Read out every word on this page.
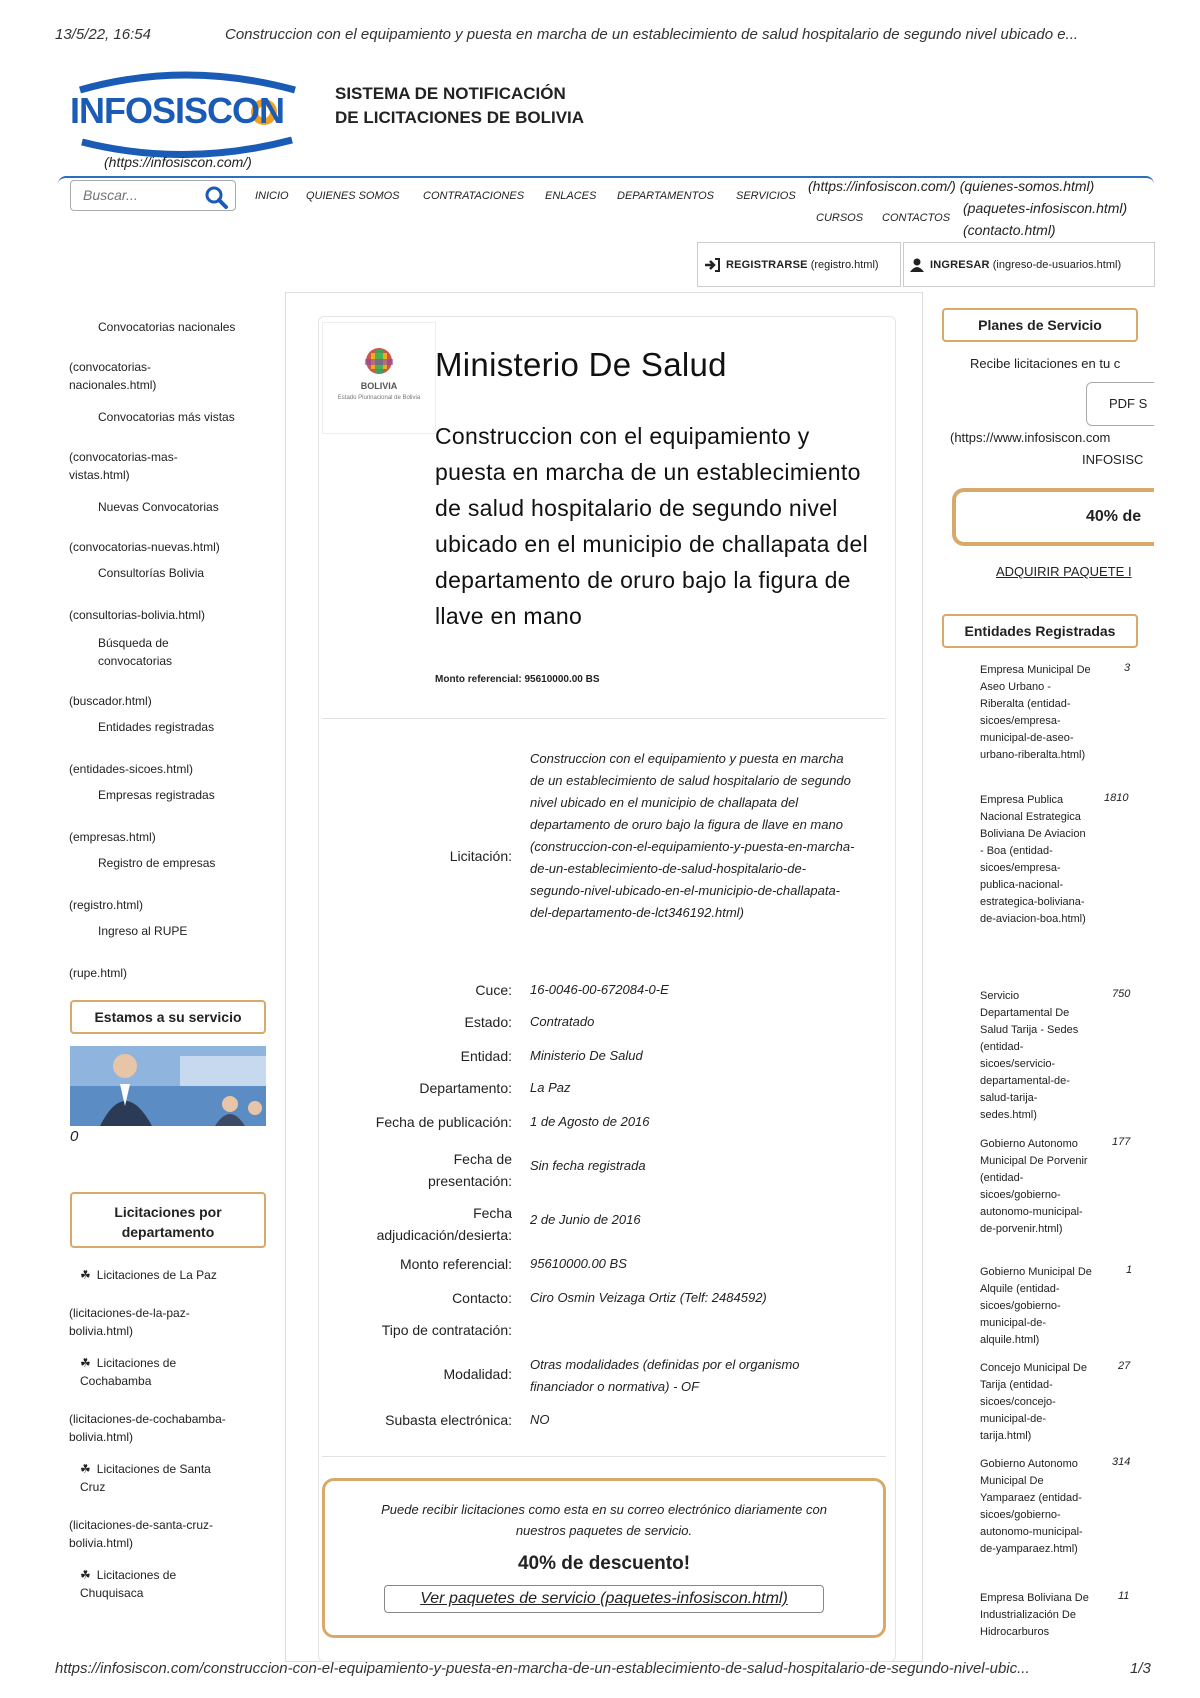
13/5/22, 16:54	Construccion con el equipamiento y puesta en marcha de un establecimiento de salud hospitalario de segundo nivel ubicado e...
INFOSISCON
(https://infosiscon.com/)
SISTEMA DE NOTIFICACIÓN
DE LICITACIONES DE BOLIVIA
Buscar...
INICIO QUIENES SOMOS CONTRATACIONES ENLACES DEPARTAMENTOS SERVICIOS
(https://infosiscon.com/) (quienes-somos.html)
CURSOS CONTACTOS
(paquetes-infosiscon.html)
(contacto.html)
REGISTRARSE
(registro.html)	INGRESAR
(ingreso-de-usuarios.html)
Convocatorias nacionales
(convocatorias-nacionales.html)
Convocatorias más vistas
(convocatorias-mas-vistas.html)
Nuevas Convocatorias
(convocatorias-nuevas.html)
Consultorías Bolivia
(consultorias-bolivia.html)
Búsqueda de convocatorias
(buscador.html)
Entidades registradas
(entidades-sicoes.html)
Empresas registradas
(empresas.html)
Registro de empresas
(registro.html)
Ingreso al RUPE
(rupe.html)
Estamos a su servicio
0
Licitaciones por departamento
☘ Licitaciones de La Paz
(licitaciones-de-la-paz-bolivia.html)
☘ Licitaciones de Cochabamba
(licitaciones-de-cochabamba-bolivia.html)
☘ Licitaciones de Santa Cruz
(licitaciones-de-santa-cruz-bolivia.html)
☘ Licitaciones de Chuquisaca
BOLIVIA
Estado Plurinacional de Bolivia
Ministerio De Salud
Construccion con el equipamiento y puesta en marcha de un establecimiento de salud hospitalario de segundo nivel ubicado en el municipio de challapata del departamento de oruro bajo la figura de llave en mano
Monto referencial: 95610000.00 BS
Licitación:
Construccion con el equipamiento y puesta en marcha de un establecimiento de salud hospitalario de segundo nivel ubicado en el municipio de challapata del departamento de oruro bajo la figura de llave en mano (construccion-con-el-equipamiento-y-puesta-en-marcha-de-un-establecimiento-de-salud-hospitalario-de-segundo-nivel-ubicado-en-el-municipio-de-challapata-del-departamento-de-lct346192.html)
Cuce: 16-0046-00-672084-0-E
Estado: Contratado
Entidad: Ministerio De Salud
Departamento: La Paz
Fecha de publicación: 1 de Agosto de 2016
Fecha de presentación:
Sin fecha registrada
Fecha adjudicación/desierta:
2 de Junio de 2016
Monto referencial: 95610000.00 BS
Contacto: Ciro Osmin Veizaga Ortiz (Telf: 2484592)
Tipo de contratación:
Modalidad:
Otras modalidades (definidas por el organismo financiador o normativa) - OF
Subasta electrónica: NO
Puede recibir licitaciones como esta en su correo electrónico diariamente con nuestros paquetes de servicio.
40% de descuento!
Ver paquetes de servicio (paquetes-infosiscon.html)
Planes de Servicio
Recibe licitaciones en tu c
PDF S
(https://www.infosiscon.com
INFOSISC
40% de
ADQUIRIR PAQUETE I
Entidades Registradas
Empresa Municipal De Aseo Urbano - Riberalta (entidad-sicoes/empresa-municipal-de-aseo-urbano-riberalta.html)
3
Empresa Publica Nacional Estrategica Boliviana De Aviacion - Boa (entidad-sicoes/empresa-publica-nacional-estrategica-boliviana-de-aviacion-boa.html)
1810
Servicio Departamental De Salud Tarija - Sedes (entidad-sicoes/servicio-departamental-de-salud-tarija-sedes.html)
750
Gobierno Autonomo Municipal De Porvenir (entidad-sicoes/gobierno-autonomo-municipal-de-porvenir.html)
177
Gobierno Municipal De Alquile (entidad-sicoes/gobierno-municipal-de-alquile.html)
1
Concejo Municipal De Tarija (entidad-sicoes/concejo-municipal-de-tarija.html)
27
Gobierno Autonomo Municipal De Yamparaez (entidad-sicoes/gobierno-autonomo-municipal-de-yamparaez.html)
314
Empresa Boliviana De Industrialización De Hidrocarburos
11
https://infosiscon.com/construccion-con-el-equipamiento-y-puesta-en-marcha-de-un-establecimiento-de-salud-hospitalario-de-segundo-nivel-ubic...	1/3
